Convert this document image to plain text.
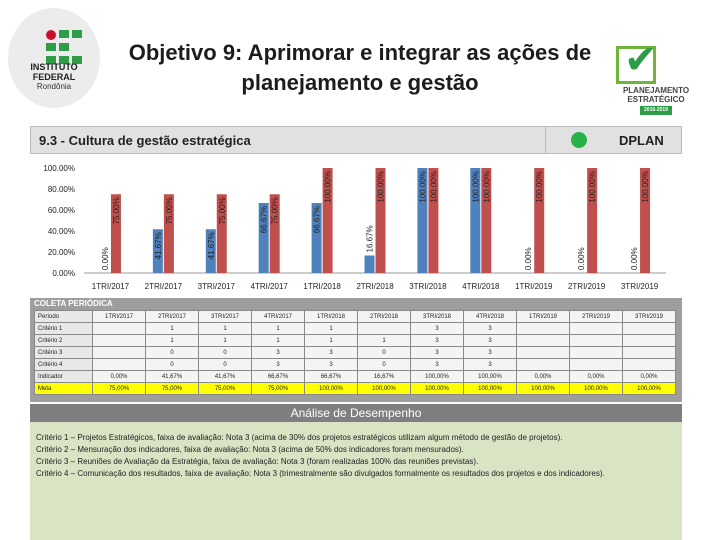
INSTITUTO
FEDERAL
Rondônia
Objetivo 9: Aprimorar e integrar as ações de planejamento e gestão
✔
PLANEJAMENTO
ESTRATÉGICO
2016-2019
9.3 - Cultura de gestão estratégica	DPLAN
0.00%
20.00%
40.00%
60.00%
80.00%
100.00%
0.00%
75.00%
1TRI/2017
41.67%
75.00%
2TRI/2017
41.67%
75.00%
3TRI/2017
66.67% 75.00%
4TRI/2017
66.67%
100.00%
1TRI/2018
16.67%
100.00%
2TRI/2018
100.00% 100.00%
3TRI/2018
100.00% 100.00%
4TRI/2018
0.00%
100.00%
1TRI/2019
0.00%
100.00%
2TRI/2019
0.00%
100.00%
3TRI/2019
COLETA PERIÓDICA
Período	1TRI/2017	2TRI/2017	3TRI/2017	4TRI/2017	1TRI/2018	2TRI/2018	3TRI/2018	4TRI/2018	1TRI/2019	2TRI/2019	3TRI/2019
Critério 1		1	1	1	1		3	3			
Critério 2		1	1	1	1	1	3	3			
Critério 3		0	0	3	3	0	3	3			
Critério 4		0	0	3	3	0	3	3			
Indicador	0,00%	41,67%	41,67%	66,67%	66,67%	16,67%	100,00%	100,00%	0,00%	0,00%	0,00%
Meta	75,00%	75,00%	75,00%	75,00%	100,00%	100,00%	100,00%	100,00%	100,00%	100,00%	100,00%
Análise de Desempenho
Critério 1 – Projetos Estratégicos, faixa de avaliação: Nota 3 (acima de 30% dos projetos estratégicos utilizam algum método de gestão de projetos).
Critério 2 – Mensuração dos indicadores, faixa de avaliação: Nota 3 (acima de 50% dos indicadores foram mensurados).
Critério 3 – Reuniões de Avaliação da Estratégia, faixa de avaliação: Nota 3 (foram realizadas 100% das reuniões previstas).
Critério 4 – Comunicação dos resultados, faixa de avaliação: Nota 3 (trimestralmente são divulgados formalmente os resultados dos projetos e dos indicadores).
